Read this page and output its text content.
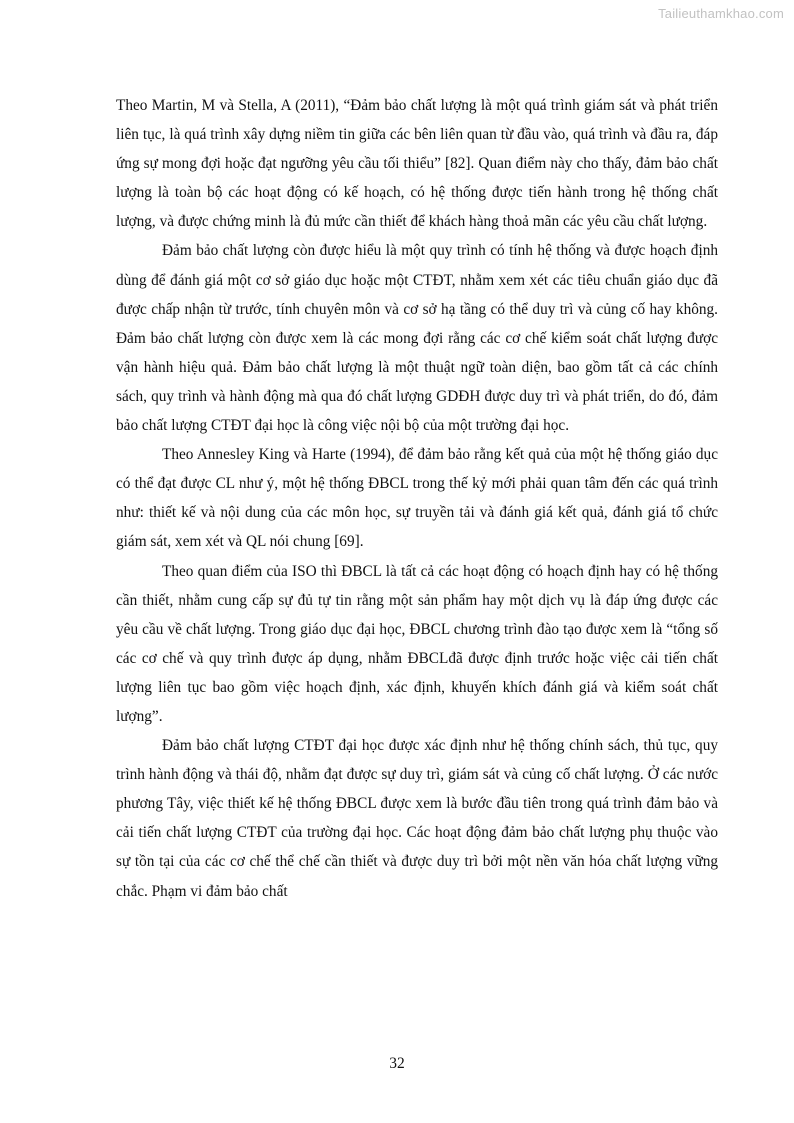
Tailieuthamkhao.com

Theo Martin, M và Stella, A (2011), “Đảm bảo chất lượng là một quá trình giám sát và phát triển liên tục, là quá trình xây dựng niềm tin giữa các bên liên quan từ đầu vào, quá trình và đầu ra, đáp ứng sự mong đợi hoặc đạt ngưỡng yêu cầu tối thiểu” [82]. Quan điểm này cho thấy, đảm bảo chất lượng là toàn bộ các hoạt động có kế hoạch, có hệ thống được tiến hành trong hệ thống chất lượng, và được chứng minh là đủ mức cần thiết để khách hàng thoả mãn các yêu cầu chất lượng.

Đảm bảo chất lượng còn được hiểu là một quy trình có tính hệ thống và được hoạch định dùng để đánh giá một cơ sở giáo dục hoặc một CTĐT, nhằm xem xét các tiêu chuẩn giáo dục đã được chấp nhận từ trước, tính chuyên môn và cơ sở hạ tầng có thể duy trì và củng cố hay không. Đảm bảo chất lượng còn được xem là các mong đợi rằng các cơ chế kiểm soát chất lượng được vận hành hiệu quả. Đảm bảo chất lượng là một thuật ngữ toàn diện, bao gồm tất cả các chính sách, quy trình và hành động mà qua đó chất lượng GDĐH được duy trì và phát triển, do đó, đảm bảo chất lượng CTĐT đại học là công việc nội bộ của một trường đại học.

Theo Annesley King và Harte (1994), để đảm bảo rằng kết quả của một hệ thống giáo dục có thể đạt được CL như ý, một hệ thống ĐBCL trong thế kỷ mới phải quan tâm đến các quá trình như: thiết kế và nội dung của các môn học, sự truyền tải và đánh giá kết quả, đánh giá tổ chức giám sát, xem xét và QL nói chung [69].

Theo quan điểm của ISO thì ĐBCL là tất cả các hoạt động có hoạch định hay có hệ thống cần thiết, nhằm cung cấp sự đủ tự tin rằng một sản phẩm hay một dịch vụ là đáp ứng được các yêu cầu về chất lượng. Trong giáo dục đại học, ĐBCL chương trình đào tạo được xem là “tổng số các cơ chế và quy trình được áp dụng, nhằm ĐBCLđã được định trước hoặc việc cải tiến chất lượng liên tục bao gồm việc hoạch định, xác định, khuyến khích đánh giá và kiểm soát chất lượng”.

Đảm bảo chất lượng CTĐT đại học được xác định như hệ thống chính sách, thủ tục, quy trình hành động và thái độ, nhằm đạt được sự duy trì, giám sát và củng cố chất lượng. Ở các nước phương Tây, việc thiết kế hệ thống ĐBCL được xem là bước đầu tiên trong quá trình đảm bảo và cải tiến chất lượng CTĐT của trường đại học. Các hoạt động đảm bảo chất lượng phụ thuộc vào sự tồn tại của các cơ chế thể chế cần thiết và được duy trì bởi một nền văn hóa chất lượng vững chắc. Phạm vi đảm bảo chất

32
